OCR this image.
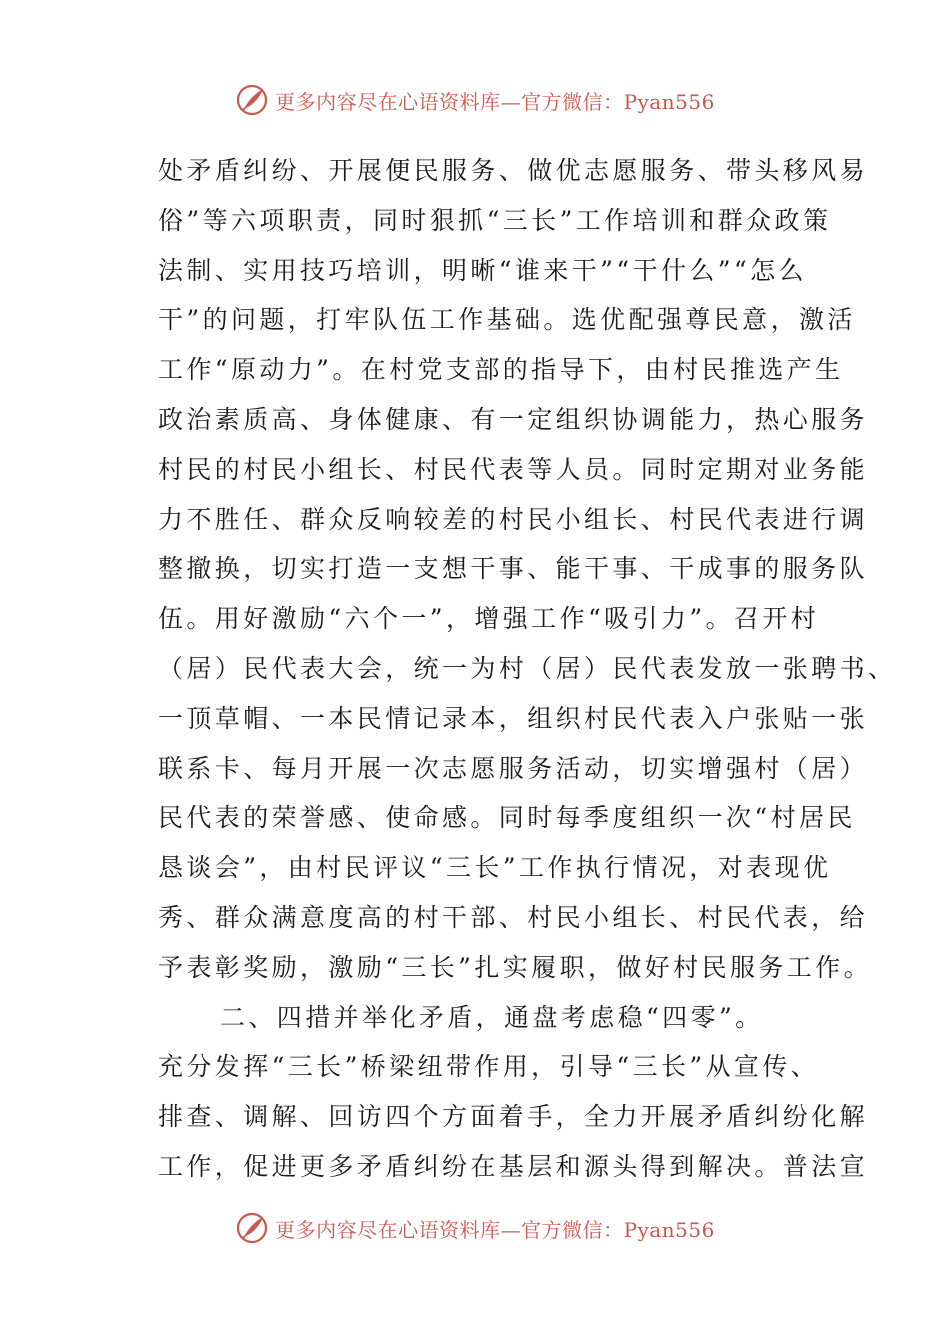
更多内容尽在心语资料库—官方微信：Pyan556
处矛盾纠纷、开展便民服务、做优志愿服务、带头移风易
俗”等六项职责，同时狠抓“三长”工作培训和群众政策
法制、实用技巧培训，明晰“谁来干”“干什么”“怎么
干”的问题，打牢队伍工作基础。选优配强尊民意，激活
工作“原动力”。在村党支部的指导下，由村民推选产生
政治素质高、身体健康、有一定组织协调能力，热心服务
村民的村民小组长、村民代表等人员。同时定期对业务能
力不胜任、群众反响较差的村民小组长、村民代表进行调
整撤换，切实打造一支想干事、能干事、干成事的服务队
伍。用好激励“六个一”，增强工作“吸引力”。召开村
（居）民代表大会，统一为村（居）民代表发放一张聘书、
一顶草帽、一本民情记录本，组织村民代表入户张贴一张
联系卡、每月开展一次志愿服务活动，切实增强村（居）
民代表的荣誉感、使命感。同时每季度组织一次“村居民
恳谈会”，由村民评议“三长”工作执行情况，对表现优
秀、群众满意度高的村干部、村民小组长、村民代表，给
予表彰奖励，激励“三长”扎实履职，做好村民服务工作。
二、四措并举化矛盾，通盘考虑稳“四零”。
充分发挥“三长”桥梁纽带作用，引导“三长”从宣传、
排查、调解、回访四个方面着手，全力开展矛盾纠纷化解
工作，促进更多矛盾纠纷在基层和源头得到解决。普法宣
更多内容尽在心语资料库—官方微信：Pyan556
